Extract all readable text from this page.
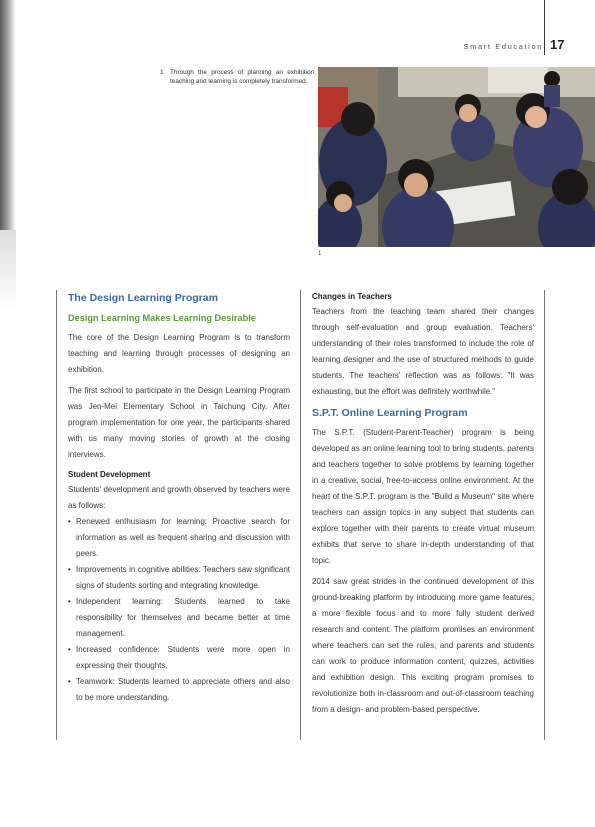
Smart Education 17
1	Through the process of planning an exhibition, teaching and learning is completely transformed.
1
The Design Learning Program
Design Learning Makes Learning Desirable

The core of the Design Learning Program is to transform teaching and learning through processes of designing an exhibition.

The first school to participate in the Design Learning Program was Jen-Mei Elementary School in Taichung City. After program implementation for one year, the participants shared with us many moving stories of growth at the closing interviews.

Student Development

Students' development and growth observed by teachers were as follows:

• Renewed enthusiasm for learning: Proactive search for information as well as frequent sharing and discussion with peers.
• Improvements in cognitive abilities: Teachers saw significant signs of students sorting and integrating knowledge.
• Independent learning: Students learned to take responsibility for themselves and became better at time management.
• Increased confidence: Students were more open in expressing their thoughts.
• Teamwork: Students learned to appreciate others and also to be more understanding.
Changes in Teachers

Teachers from the teaching team shared their changes through self-evaluation and group evaluation. Teachers' understanding of their roles transformed to include the role of learning designer and the use of structured methods to guide students. The teachers' reflection was as follows: "It was exhausting, but the effort was definitely worthwhile."

S.P.T. Online Learning Program

The S.P.T. (Student-Parent-Teacher) program is being developed as an online learning tool to bring students, parents and teachers together to solve problems by learning together in a creative, social, free-to-access online environment. At the heart of the S.P.T. program is the "Build a Museum" site where teachers can assign topics in any subject that students can explore together with their parents to create virtual museum exhibits that serve to share in-depth understanding of that topic.

2014 saw great strides in the continued development of this ground-breaking platform by introducing more game features, a more flexible focus and to more fully student derived research and content. The platform promises an environment where teachers can set the rules, and parents and students can work to produce information content, quizzes, activities and exhibition design. This exciting program promises to revolutionize both in-classroom and out-of-classroom teaching from a design- and problem-based perspective.
